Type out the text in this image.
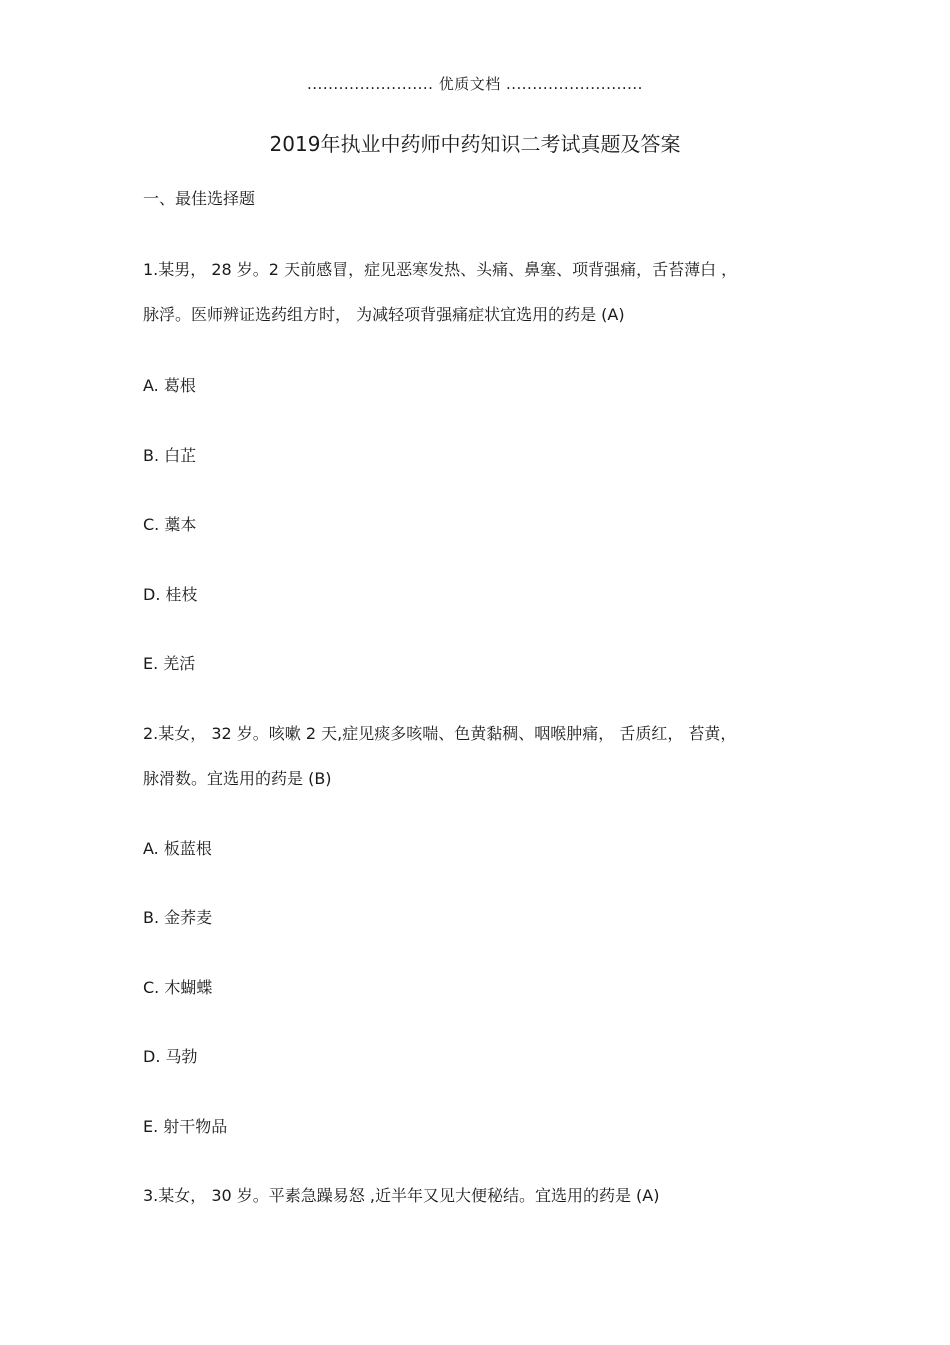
........................ 优质文档 ..........................

2019年执业中药师中药知识二考试真题及答案

一、最佳选择题

1.某男， 28 岁。2 天前感冒，症见恶寒发热、头痛、鼻塞、项背强痛，舌苔薄白 ，

脉浮。医师辨证选药组方时， 为减轻项背强痛症状宜选用的药是 (A)

A. 葛根

B. 白芷

C. 藁本

D. 桂枝

E. 羌活

2.某女， 32 岁。咳嗽 2 天,症见痰多咳喘、色黄黏稠、咽喉肿痛， 舌质红， 苔黄，

脉滑数。宜选用的药是 (B)

A. 板蓝根

B. 金荞麦

C. 木蝴蝶

D. 马勃

E. 射干物品

3.某女， 30 岁。平素急躁易怒 ,近半年又见大便秘结。宜选用的药是 (A)
